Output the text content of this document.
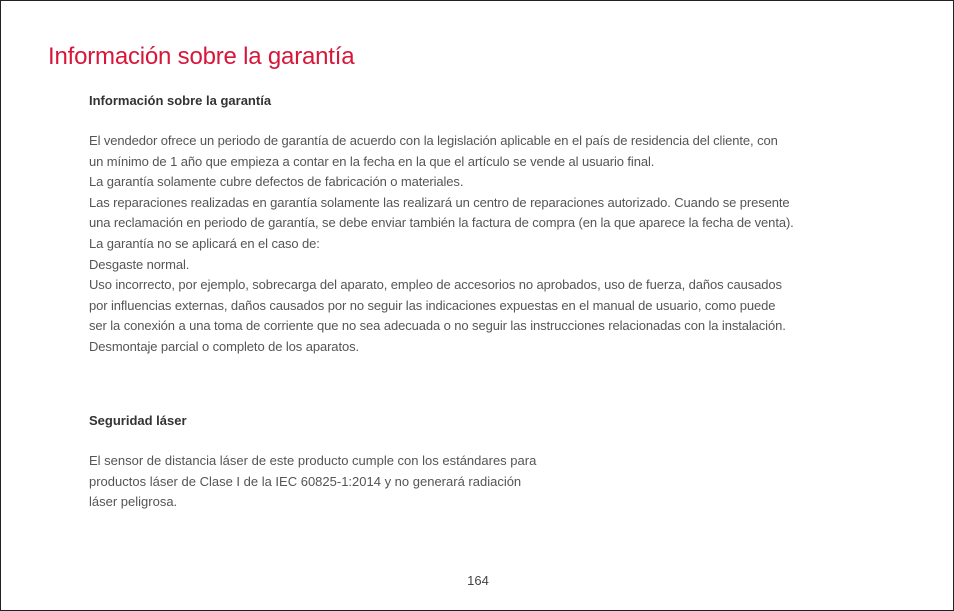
Información sobre la garantía
Información sobre la garantía
El vendedor ofrece un periodo de garantía de acuerdo con la legislación aplicable en el país de residencia del cliente, con
un mínimo de 1 año que empieza a contar en la fecha en la que el artículo se vende al usuario final.
La garantía solamente cubre defectos de fabricación o materiales.
Las reparaciones realizadas en garantía solamente las realizará un centro de reparaciones autorizado. Cuando se presente
una reclamación en periodo de garantía, se debe enviar también la factura de compra (en la que aparece la fecha de venta).
La garantía no se aplicará en el caso de:
Desgaste normal.
Uso incorrecto, por ejemplo, sobrecarga del aparato, empleo de accesorios no aprobados, uso de fuerza, daños causados
por influencias externas, daños causados por no seguir las indicaciones expuestas en el manual de usuario, como puede
ser la conexión a una toma de corriente que no sea adecuada o no seguir las instrucciones relacionadas con la instalación.
Desmontaje parcial o completo de los aparatos.
Seguridad láser
El sensor de distancia láser de este producto cumple con los estándares para
productos láser de Clase I de la IEC 60825-1:2014 y no generará radiación
láser peligrosa.
164
